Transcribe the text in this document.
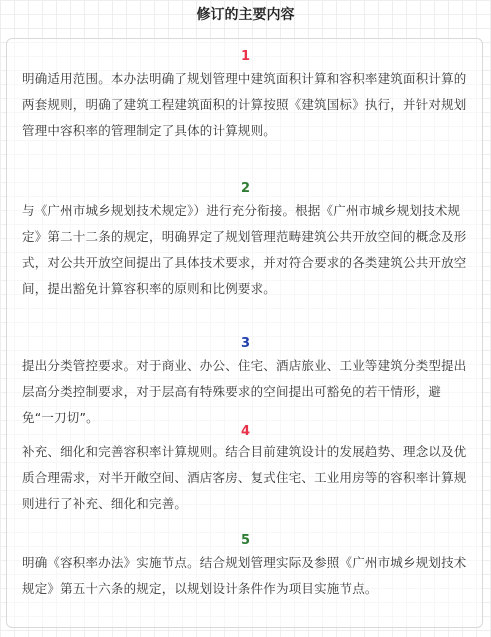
修订的主要内容
1
明确适用范围。本办法明确了规划管理中建筑面积计算和容积率建筑面积计算的两套规则，明确了建筑工程建筑面积的计算按照《建筑国标》执行，并针对规划管理中容积率的管理制定了具体的计算规则。
2
与《广州市城乡规划技术规定》）进行充分衔接。根据《广州市城乡规划技术规定》第二十二条的规定，明确界定了规划管理范畴建筑公共开放空间的概念及形式，对公共开放空间提出了具体技术要求，并对符合要求的各类建筑公共开放空间，提出豁免计算容积率的原则和比例要求。
3
提出分类管控要求。对于商业、办公、住宅、酒店旅业、工业等建筑分类型提出层高分类控制要求，对于层高有特殊要求的空间提出可豁免的若干情形，避免“一刀切”。
4
补充、细化和完善容积率计算规则。结合目前建筑设计的发展趋势、理念以及优质合理需求，对半开敞空间、酒店客房、复式住宅、工业用房等的容积率计算规则进行了补充、细化和完善。
5
明确《容积率办法》实施节点。结合规划管理实际及参照《广州市城乡规划技术规定》第五十六条的规定，以规划设计条件作为项目实施节点。
